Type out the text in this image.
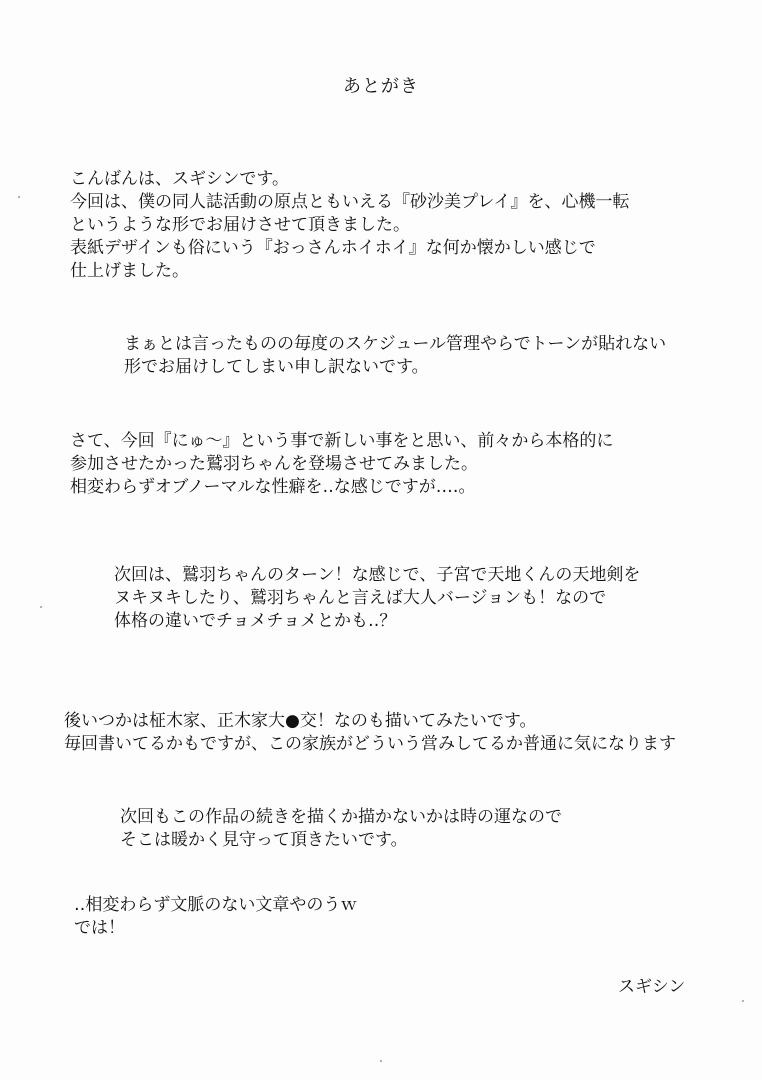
あとがき
こんばんは、スギシンです。
今回は、僕の同人誌活動の原点ともいえる『砂沙美プレイ』を、心機一転
というような形でお届けさせて頂きました。
表紙デザインも俗にいう『おっさんホイホイ』な何か懐かしい感じで
仕上げました。
まぁとは言ったものの毎度のスケジュール管理やらでトーンが貼れない
形でお届けしてしまい申し訳ないです。
さて、今回『にゅ～』という事で新しい事をと思い、前々から本格的に
参加させたかった鷲羽ちゃんを登場させてみました。
相変わらずオブノーマルな性癖を‥な感じですが‥‥。
次回は、鷲羽ちゃんのターン！な感じで、子宮で天地くんの天地剣を
ヌキヌキしたり、鷲羽ちゃんと言えば大人バージョンも！なので
体格の違いでチョメチョメとかも‥？
後いつかは柾木家、正木家大●交！なのも描いてみたいです。
毎回書いてるかもですが、この家族がどういう営みしてるか普通に気になります
次回もこの作品の続きを描くか描かないかは時の運なので
そこは暖かく見守って頂きたいです。
‥相変わらず文脈のない文章やのうｗ
では！
スギシン
